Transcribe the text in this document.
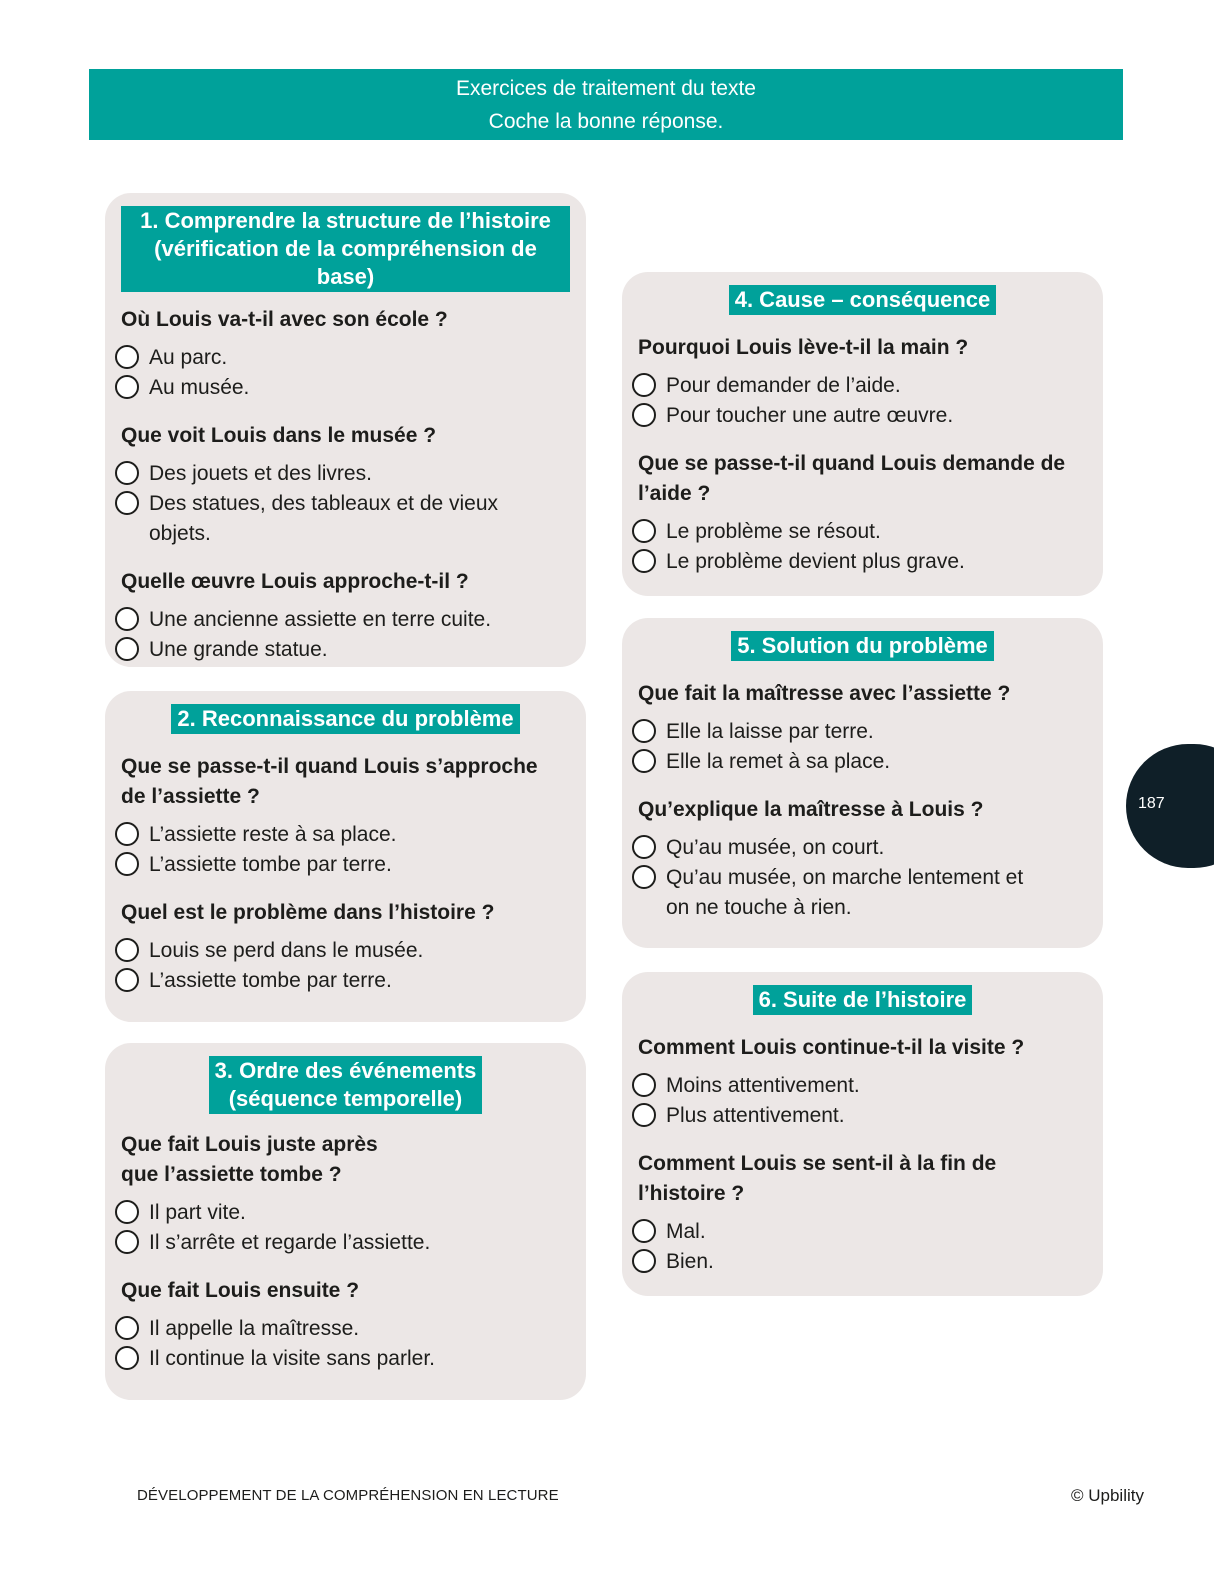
Exercices de traitement du texte
Coche la bonne réponse.
1. Comprendre la structure de l’histoire
(vérification de la compréhension de base)
Où Louis va-t-il avec son école ?
Au parc.
Au musée.
Que voit Louis dans le musée ?
Des jouets et des livres.
Des statues, des tableaux et de vieux objets.
Quelle œuvre Louis approche-t-il ?
Une ancienne assiette en terre cuite.
Une grande statue.
2. Reconnaissance du problème
Que se passe-t-il quand Louis s’approche de l’assiette ?
L’assiette reste à sa place.
L’assiette tombe par terre.
Quel est le problème dans l’histoire ?
Louis se perd dans le musée.
L’assiette tombe par terre.
3. Ordre des événements
(séquence temporelle)
Que fait Louis juste après que l’assiette tombe ?
Il part vite.
Il s’arrête et regarde l’assiette.
Que fait Louis ensuite ?
Il appelle la maîtresse.
Il continue la visite sans parler.
4. Cause – conséquence
Pourquoi Louis lève-t-il la main ?
Pour demander de l’aide.
Pour toucher une autre œuvre.
Que se passe-t-il quand Louis demande de l’aide ?
Le problème se résout.
Le problème devient plus grave.
5. Solution du problème
Que fait la maîtresse avec l’assiette ?
Elle la laisse par terre.
Elle la remet à sa place.
Qu’explique la maîtresse à Louis ?
Qu’au musée, on court.
Qu’au musée, on marche lentement et on ne touche à rien.
6. Suite de l’histoire
Comment Louis continue-t-il la visite ?
Moins attentivement.
Plus attentivement.
Comment Louis se sent-il à la fin de l’histoire ?
Mal.
Bien.
187
DÉVELOPPEMENT DE LA COMPRÉHENSION EN LECTURE	© Upbility
